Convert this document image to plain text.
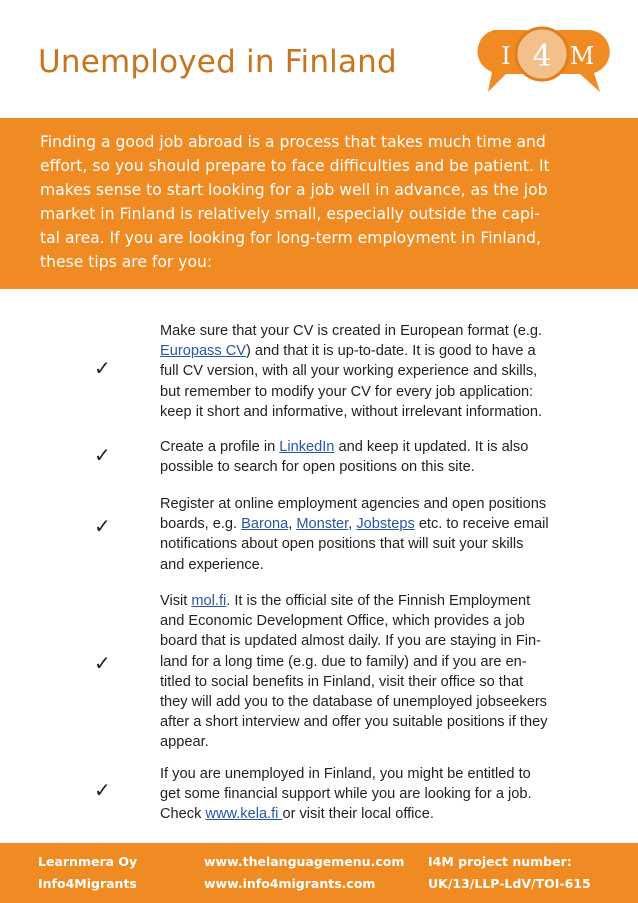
Unemployed in Finland	I 4 M
Finding a good job abroad is a process that takes much time and
effort, so you should prepare to face difficulties and be patient. It
makes sense to start looking for a job well in advance, as the job
market in Finland is relatively small, especially outside the capi-
tal area. If you are looking for long-term employment in Finland,
these tips are for you:
✓
Make sure that your CV is created in European format (e.g.
Europass CV) and that it is up-to-date. It is good to have a
full CV version, with all your working experience and skills,
but remember to modify your CV for every job application:
keep it short and informative, without irrelevant information.
✓	Create a profile in LinkedIn and keep it updated. It is also
possible to search for open positions on this site.
✓
Register at online employment agencies and open positions
boards, e.g. Barona, Monster, Jobsteps etc. to receive email
notifications about open positions that will suit your skills
and experience.
✓
Visit mol.fi. It is the official site of the Finnish Employment
and Economic Development Office, which provides a job
board that is updated almost daily. If you are staying in Fin-
land for a long time (e.g. due to family) and if you are en-
titled to social benefits in Finland, visit their office so that
they will add you to the database of unemployed jobseekers
after a short interview and offer you suitable positions if they
appear.
✓
If you are unemployed in Finland, you might be entitled to
get some financial support while you are looking for a job.
Check www.kela.fi or visit their local office.
Learnmera Oy
Info4Migrants
www.thelanguagemenu.com
www.info4migrants.com
I4M project number:
UK/13/LLP-LdV/TOI-615
